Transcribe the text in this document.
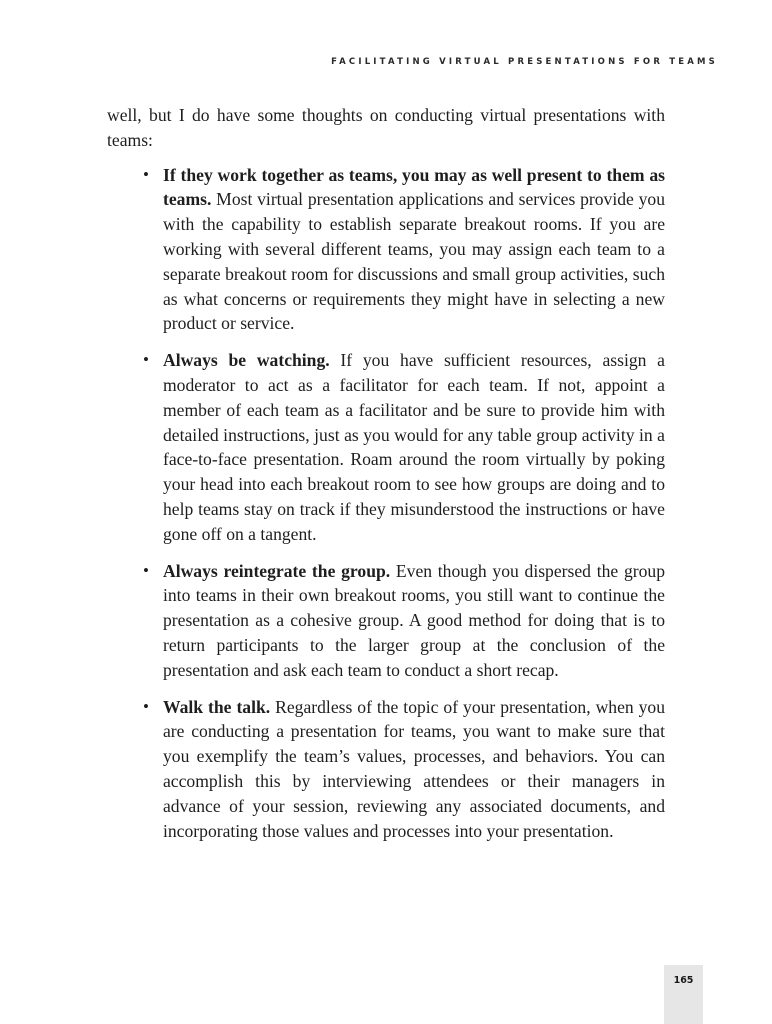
FACILITATING VIRTUAL PRESENTATIONS FOR TEAMS

well, but I do have some thoughts on conducting virtual presentations with teams:

• If they work together as teams, you may as well present to them as teams. Most virtual presentation applications and services provide you with the capability to establish separate breakout rooms. If you are working with several different teams, you may assign each team to a separate breakout room for discussions and small group activities, such as what concerns or requirements they might have in selecting a new product or service.
• Always be watching. If you have sufficient resources, assign a moderator to act as a facilitator for each team. If not, appoint a member of each team as a facilitator and be sure to provide him with detailed instructions, just as you would for any table group activity in a face-to-face presentation. Roam around the room virtually by poking your head into each breakout room to see how groups are doing and to help teams stay on track if they misunderstood the instructions or have gone off on a tangent.
• Always reintegrate the group. Even though you dispersed the group into teams in their own breakout rooms, you still want to continue the presentation as a cohesive group. A good method for doing that is to return participants to the larger group at the conclusion of the presentation and ask each team to conduct a short recap.
• Walk the talk. Regardless of the topic of your presentation, when you are conducting a presentation for teams, you want to make sure that you exemplify the team’s values, processes, and behaviors. You can accomplish this by interviewing attendees or their managers in advance of your session, reviewing any associated documents, and incorporating those values and processes into your presentation.
165
